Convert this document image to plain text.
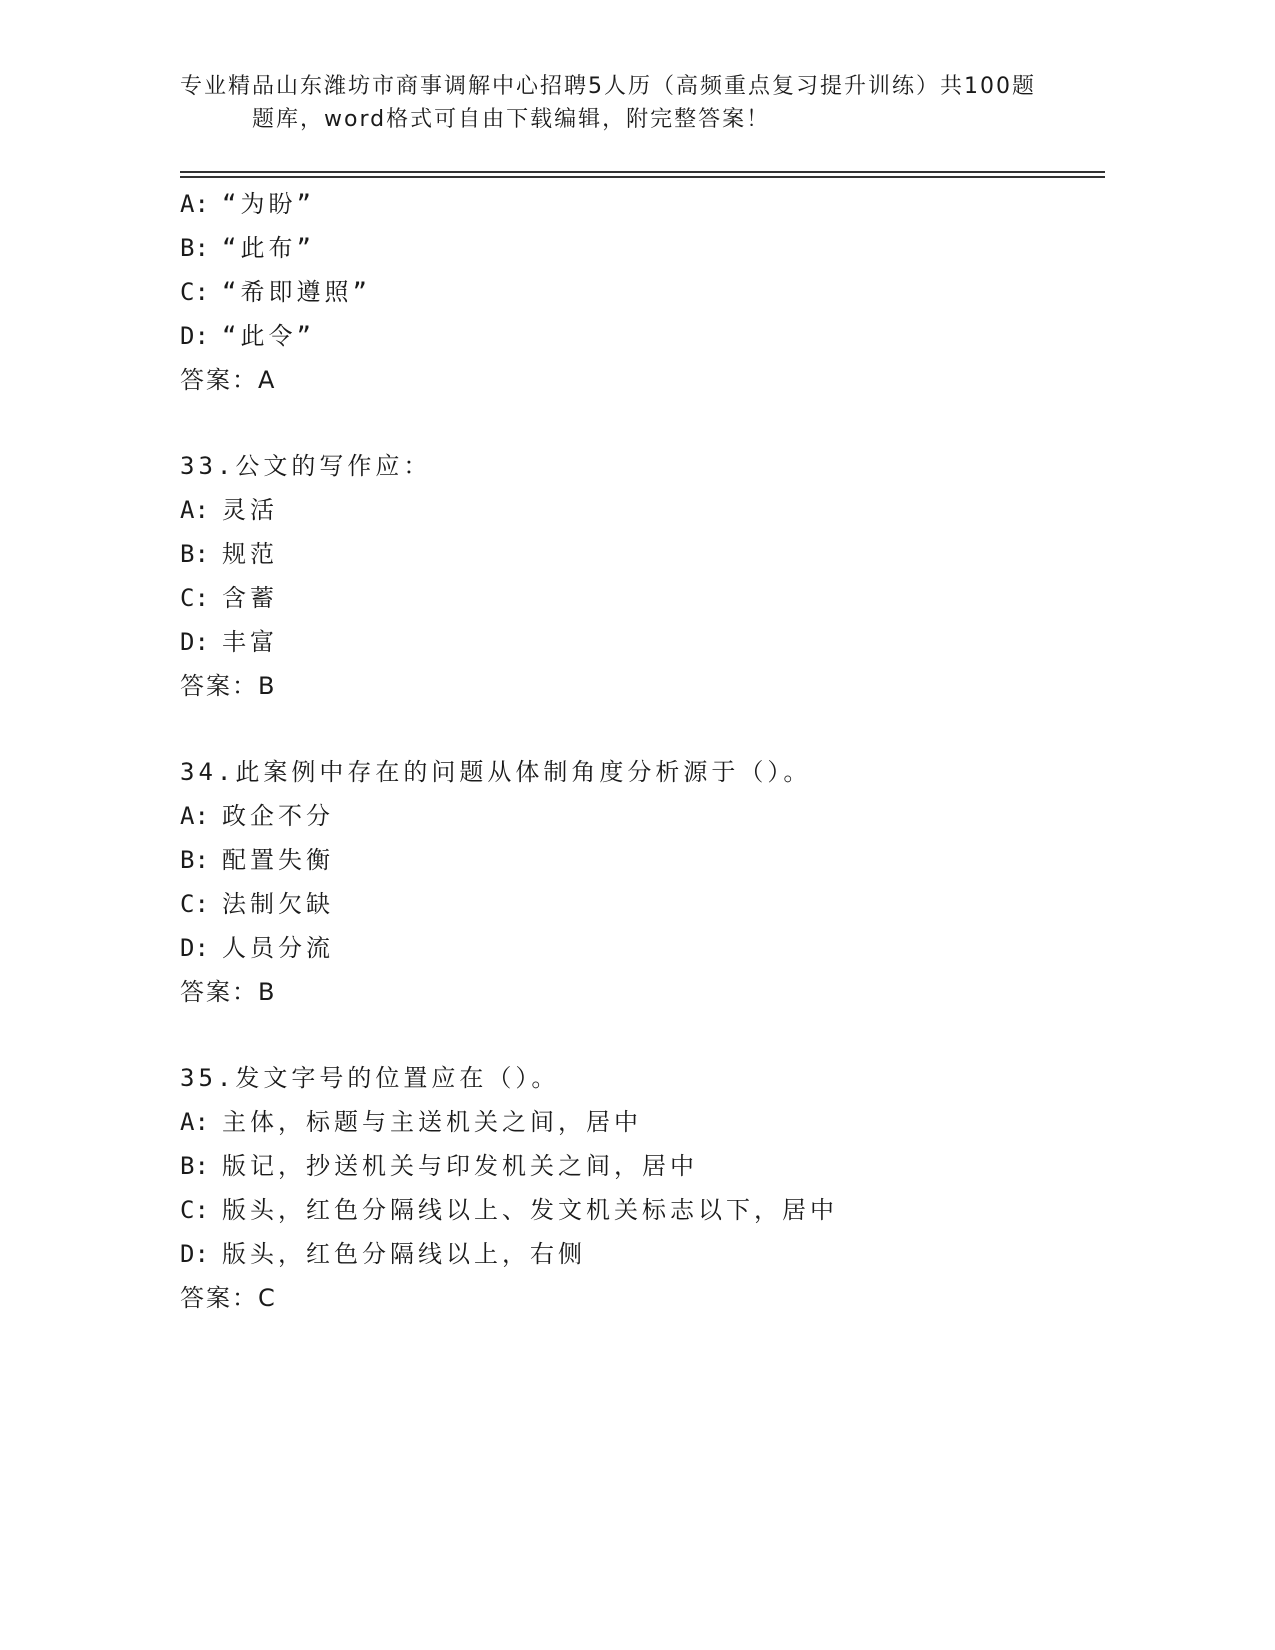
专业精品山东潍坊市商事调解中心招聘5人历（高频重点复习提升训练）共100题
题库，word格式可自由下载编辑，附完整答案！
A: “为盼”
B: “此布”
C: “希即遵照”
D: “此令”
答案：A
33.公文的写作应：
A: 灵活
B: 规范
C: 含蓄
D: 丰富
答案：B
34.此案例中存在的问题从体制角度分析源于（）。
A: 政企不分
B: 配置失衡
C: 法制欠缺
D: 人员分流
答案：B
35.发文字号的位置应在（）。
A: 主体，标题与主送机关之间，居中
B: 版记，抄送机关与印发机关之间，居中
C: 版头，红色分隔线以上、发文机关标志以下，居中
D: 版头，红色分隔线以上，右侧
答案：C
